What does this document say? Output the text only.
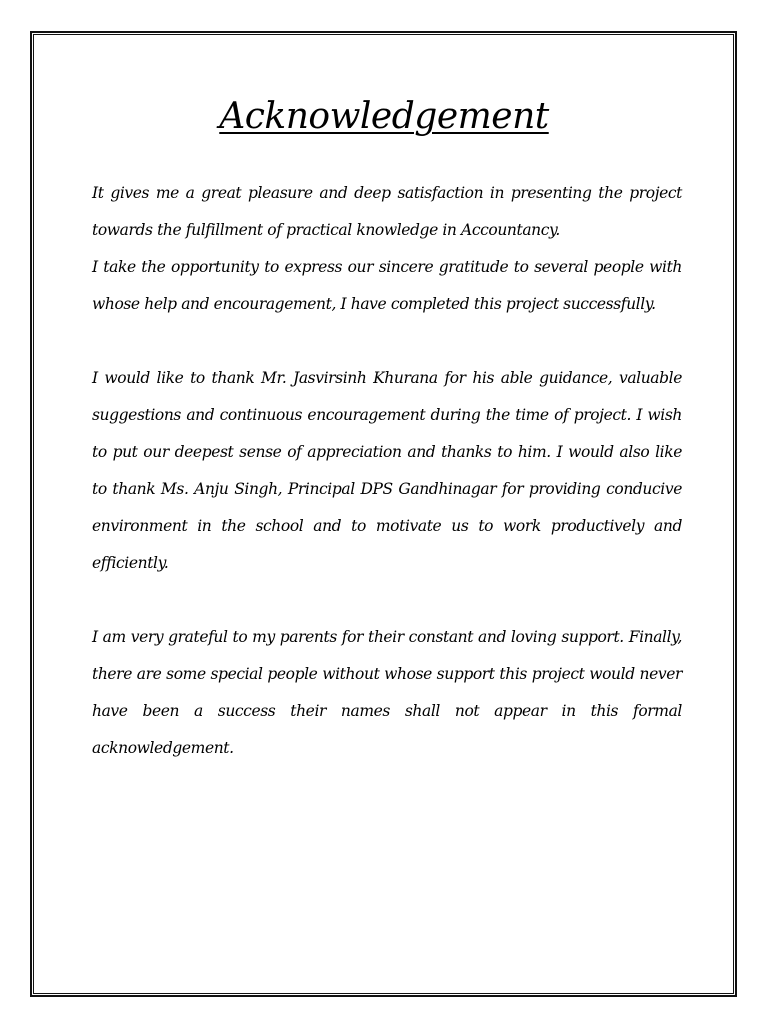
Acknowledgement

It gives me a great pleasure and deep satisfaction in presenting the project towards the fulfillment of practical knowledge in Accountancy.

I take the opportunity to express our sincere gratitude to several people with whose help and encouragement, I have completed this project successfully.

I would like to thank Mr. Jasvirsinh Khurana for his able guidance, valuable suggestions and continuous encouragement during the time of project. I wish to put our deepest sense of appreciation and thanks to him. I would also like to thank Ms. Anju Singh, Principal DPS Gandhinagar for providing conducive environment in the school and to motivate us to work productively and efficiently.

I am very grateful to my parents for their constant and loving support. Finally, there are some special people without whose support this project would never have been a success their names shall not appear in this formal acknowledgement.
